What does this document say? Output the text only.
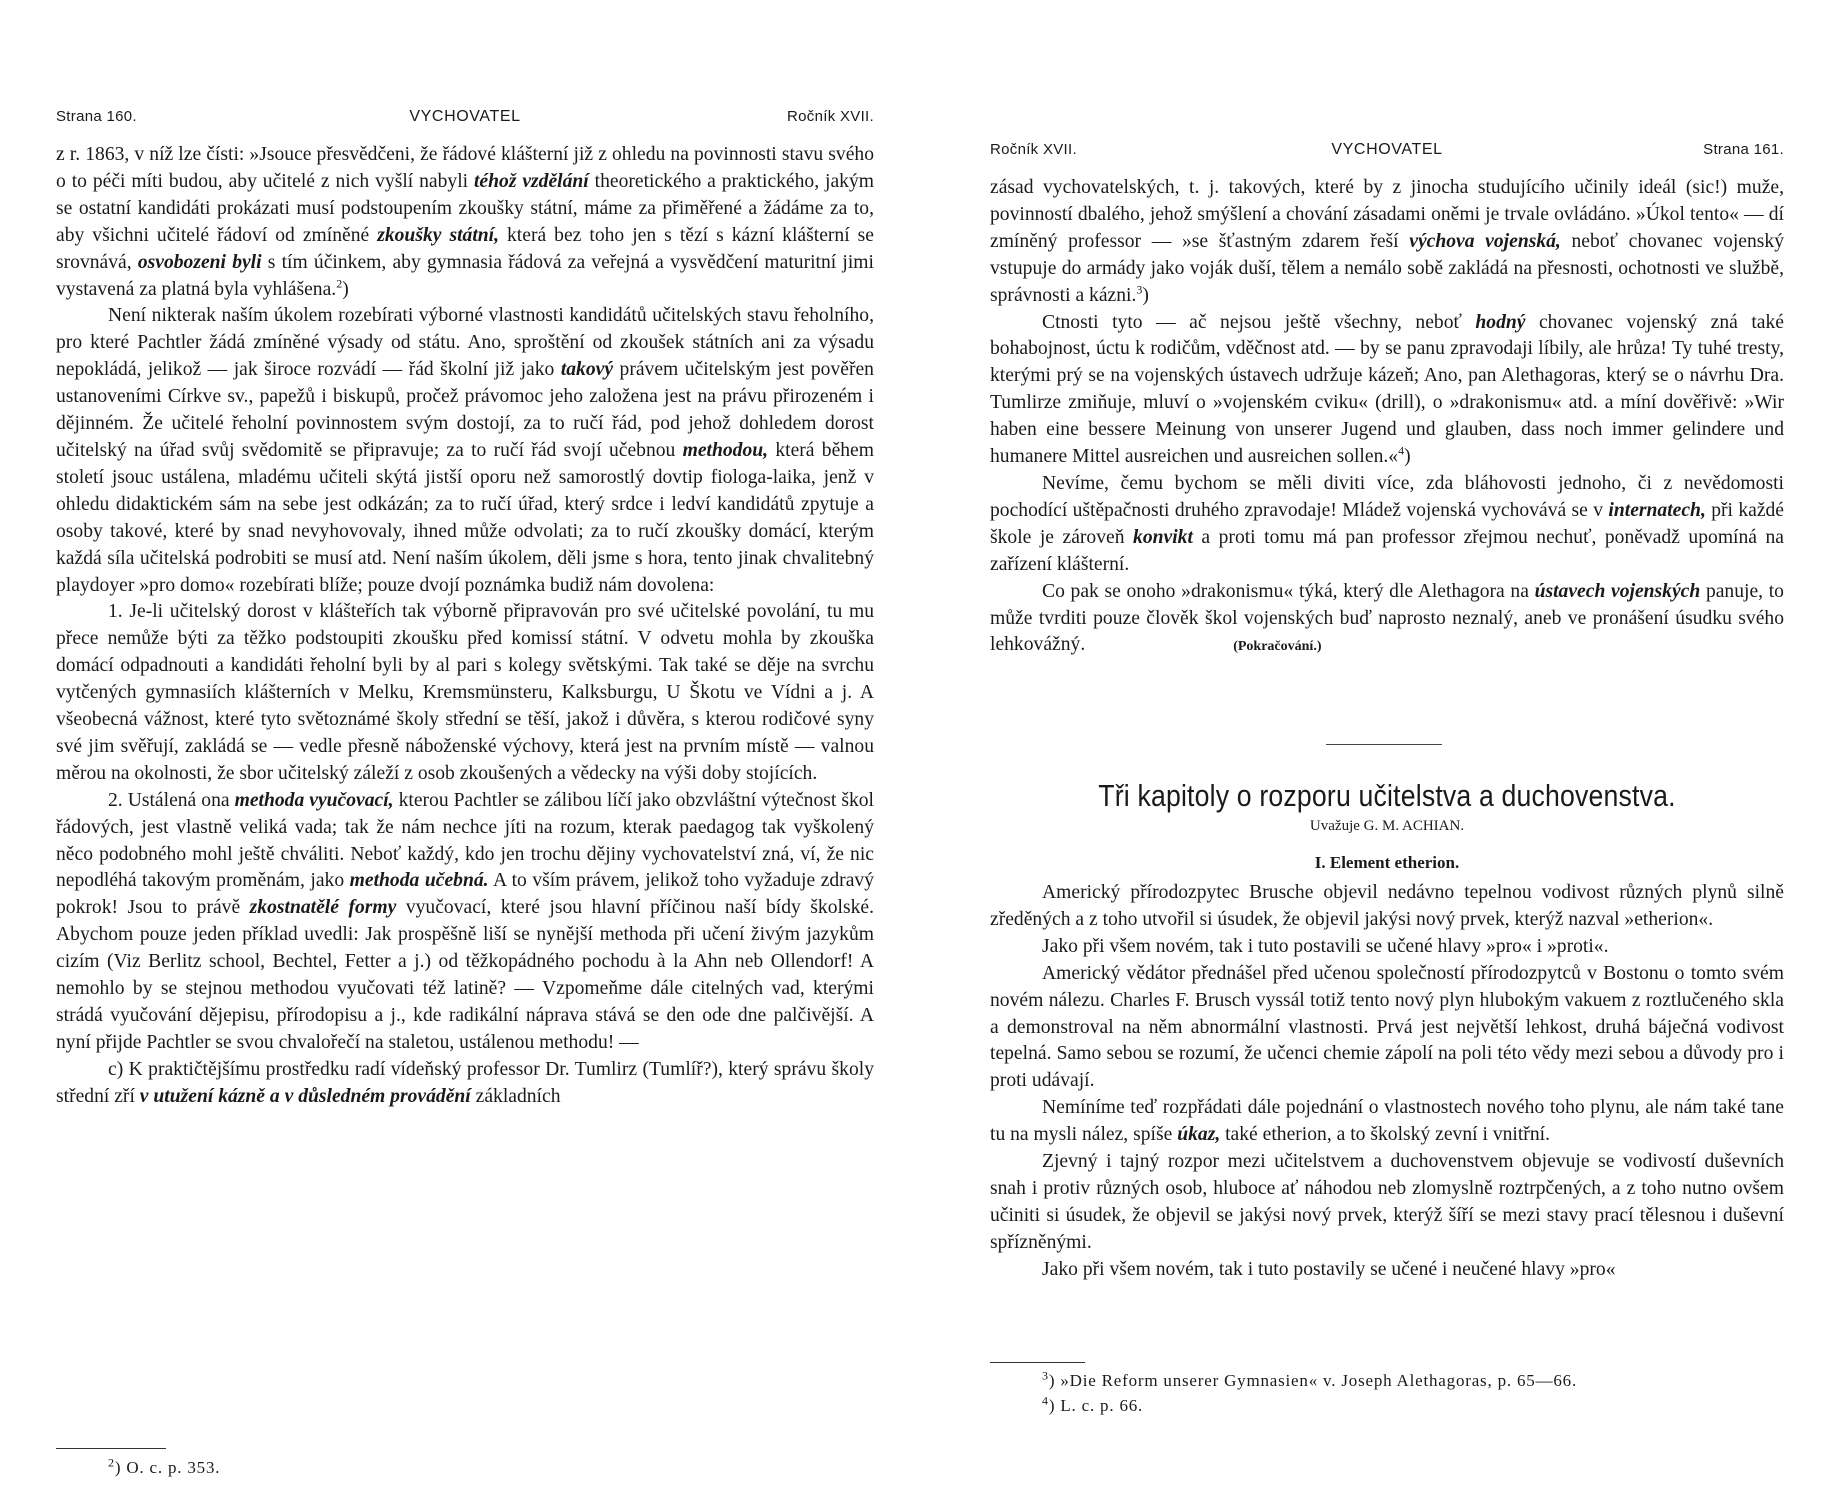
Strana 160.	VYCHOVATEL	Ročník XVII.

z r. 1863, v níž lze čísti: »Jsouce přesvědčeni, že řádové klášterní již z ohledu na povinnosti stavu svého o to péči míti budou, aby učitelé z nich vyšlí nabyli téhož vzdělání theoretického a praktického, jakým se ostatní kandidáti prokázati musí podstoupením zkoušky státní, máme za přiměřené a žádáme za to, aby všichni učitelé řádoví od zmíněné zkoušky státní, která bez toho jen s tězí s kázní klášterní se srovnává, osvobozeni byli s tím účinkem, aby gymnasia řádová za veřejná a vysvědčení maturitní jimi vystavená za platná byla vyhlášena.$^2$)

Není nikterak naším úkolem rozebírati výborné vlastnosti kandidátů učitelských stavu řeholního, pro které Pachtler žádá zmíněné výsady od státu. Ano, sproštění od zkoušek státních ani za výsadu nepokládá, jelikož — jak široce rozvádí — řád školní již jako takový právem učitelským jest pověřen ustanoveními Církve sv., papežů i biskupů, pročež právomoc jeho založena jest na právu přirozeném i dějinném. Že učitelé řeholní povinnostem svým dostojí, za to ručí řád, pod jehož dohledem dorost učitelský na úřad svůj svědomitě se připravuje; za to ručí řád svojí učebnou methodou, která během století jsouc ustálena, mladému učiteli skýtá jistší oporu než samorostlý dovtip fiologa-laika, jenž v ohledu didaktickém sám na sebe jest odkázán; za to ručí úřad, který srdce i ledví kandidátů zpytuje a osoby takové, které by snad nevyhovovaly, ihned může odvolati; za to ručí zkoušky domácí, kterým každá síla učitelská podrobiti se musí atd. Není naším úkolem, děli jsme s hora, tento jinak chvalitebný playdoyer »pro domo« rozebírati blíže; pouze dvojí poznámka budiž nám dovolena:

1. Je-li učitelský dorost v klášteřích tak výborně připravován pro své učitelské povolání, tu mu přece nemůže býti za těžko podstoupiti zkoušku před komissí státní. V odvetu mohla by zkouška domácí odpadnouti a kandidáti řeholní byli by al pari s kolegy světskými. Tak také se děje na svrchu vytčených gymnasiích klášterních v Melku, Kremsmünsteru, Kalksburgu, U Škotu ve Vídni a j. A všeobecná vážnost, které tyto světoznámé školy střední se těší, jakož i důvěra, s kterou rodičové syny své jim svěřují, zakládá se — vedle přesně náboženské výchovy, která jest na prvním místě — valnou měrou na okolnosti, že sbor učitelský záleží z osob zkoušených a vědecky na výši doby stojících.

2. Ustálená ona methoda vyučovací, kterou Pachtler se zálibou líčí jako obzvláštní výtečnost škol řádových, jest vlastně veliká vada; tak že nám nechce jíti na rozum, kterak paedagog tak vyškolený něco podobného mohl ještě chváliti. Neboť každý, kdo jen trochu dějiny vychovatelství zná, ví, že nic nepodléhá takovým proměnám, jako methoda učebná. A to vším právem, jelikož toho vyžaduje zdravý pokrok! Jsou to právě zkostnatělé formy vyučovací, které jsou hlavní příčinou naší bídy školské. Abychom pouze jeden příklad uvedli: Jak prospěšně liší se nynější methoda při učení živým jazykům cizím (Viz Berlitz school, Bechtel, Fetter a j.) od těžkopádného pochodu à la Ahn neb Ollendorf! A nemohlo by se stejnou methodou vyučovati též latině? — Vzpomeňme dále citelných vad, kterými strádá vyučování dějepisu, přírodopisu a j., kde radikální náprava stává se den ode dne palčivější. A nyní přijde Pachtler se svou chvalořečí na staletou, ustálenou methodu! —

c) K praktičtějšímu prostředku radí vídeňský professor Dr. Tumlirz (Tumlíř?), který správu školy střední zří v utužení kázně a v důsledném provádění základních

$^2$) O. c. p. 353.

Ročník XVII.	VYCHOVATEL	Strana 161.

zásad vychovatelských, t. j. takových, které by z jinocha studujícího učinily ideál (sic!) muže, povinností dbalého, jehož smýšlení a chování zásadami oněmi je trvale ovládáno. »Úkol tento« — dí zmíněný professor — »se šťastným zdarem řeší výchova vojenská, neboť chovanec vojenský vstupuje do armády jako voják duší, tělem a nemálo sobě zakládá na přesnosti, ochotnosti ve službě, správnosti a kázni.$^3$)

Ctnosti tyto — ač nejsou ještě všechny, neboť hodný chovanec vojenský zná také bohabojnost, úctu k rodičům, vděčnost atd. — by se panu zpravodaji líbily, ale hrůza! Ty tuhé tresty, kterými prý se na vojenských ústavech udržuje kázeň; Ano, pan Alethagoras, který se o návrhu Dra. Tumlirze zmiňuje, mluví o »vojenském cviku« (drill), o »drakonismu« atd. a míní dověřivě: »Wir haben eine bessere Meinung von unserer Jugend und glauben, dass noch immer gelindere und humanere Mittel ausreichen und ausreichen sollen.«$^4$)

Nevíme, čemu bychom se měli diviti více, zda bláhovosti jednoho, či z nevědomosti pochodící uštěpačnosti druhého zpravodaje! Mládež vojenská vychovává se v internatech, při každé škole je zároveň konvikt a proti tomu má pan professor zřejmou nechuť, poněvadž upomíná na zařízení klášterní.

Co pak se onoho »drakonismu« týká, který dle Alethagora na ústavech vojenských panuje, to může tvrditi pouze člověk škol vojenských buď naprosto neznalý, aneb ve pronášení úsudku svého lehkovážný.	(Pokračování.)

Tři kapitoly o rozporu učitelstva a duchovenstva.
Uvažuje G. M. ACHIAN.
I. Element etherion.

Americký přírodozpytec Brusche objevil nedávno tepelnou vodivost různých plynů silně zředěných a z toho utvořil si úsudek, že objevil jakýsi nový prvek, kterýž nazval »etherion«.

Jako při všem novém, tak i tuto postavili se učené hlavy »pro« i »proti«.

Americký vědátor přednášel před učenou společností přírodozpytců v Bostonu o tomto svém novém nálezu. Charles F. Brusch vyssál totiž tento nový plyn hlubokým vakuem z roztlučeného skla a demonstroval na něm abnormální vlastnosti. Prvá jest největší lehkost, druhá báječná vodivost tepelná. Samo sebou se rozumí, že učenci chemie zápolí na poli této vědy mezi sebou a důvody pro i proti udávají.

Nemíníme teď rozpřádati dále pojednání o vlastnostech nového toho plynu, ale nám také tane tu na mysli nález, spíše úkaz, také etherion, a to školský zevní i vnitřní.

Zjevný i tajný rozpor mezi učitelstvem a duchovenstvem objevuje se vodivostí duševních snah i protiv různých osob, hluboce ať náhodou neb zlomyslně roztrpčených, a z toho nutno ovšem učiniti si úsudek, že objevil se jakýsi nový prvek, kterýž šíří se mezi stavy prací tělesnou i duševní spřízněnými.

Jako při všem novém, tak i tuto postavily se učené i neučené hlavy »pro«

$^3$) »Die Reform unserer Gymnasien« v. Joseph Alethagoras, p. 65—66.

$^4$) L. c. p. 66.
